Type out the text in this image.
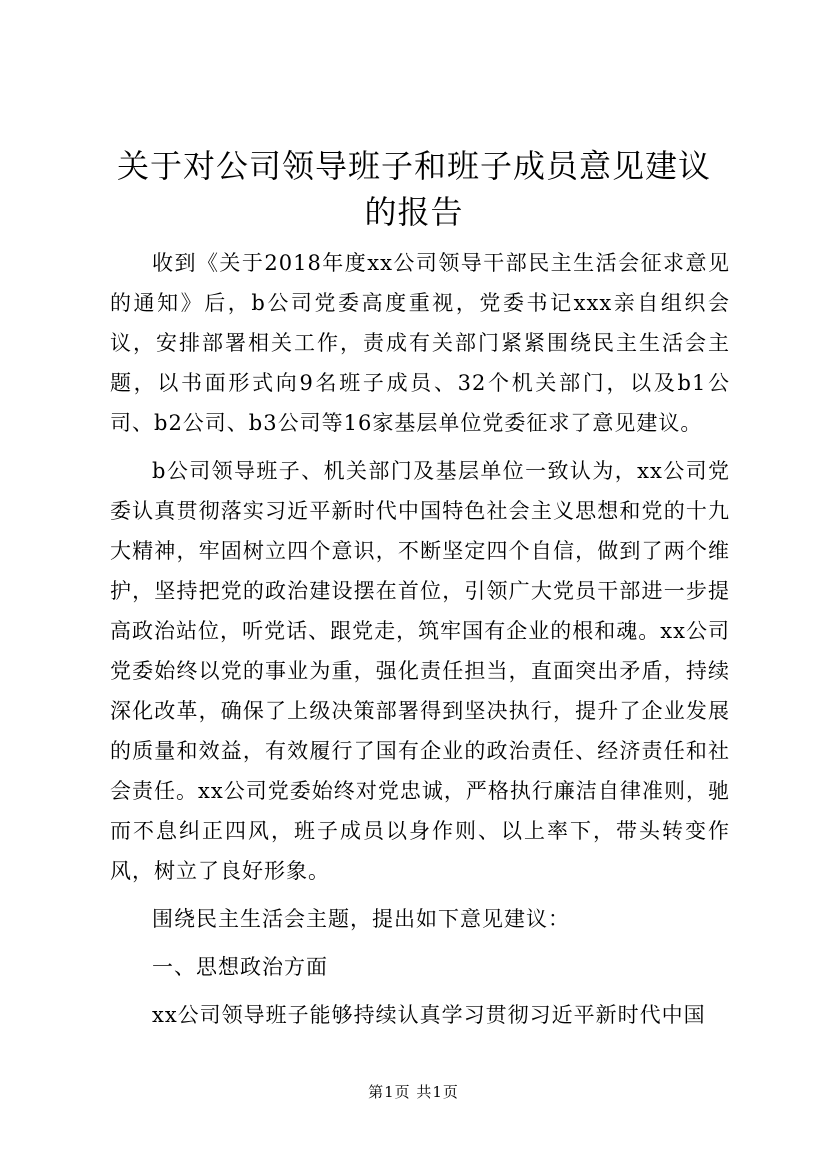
关于对公司领导班子和班子成员意见建议的报告

收到《关于2018年度xx公司领导干部民主生活会征求意见的通知》后，b公司党委高度重视，党委书记xxx亲自组织会议，安排部署相关工作，责成有关部门紧紧围绕民主生活会主题，以书面形式向9名班子成员、32个机关部门，以及b1公司、b2公司、b3公司等16家基层单位党委征求了意见建议。

b公司领导班子、机关部门及基层单位一致认为，xx公司党委认真贯彻落实习近平新时代中国特色社会主义思想和党的十九大精神，牢固树立四个意识，不断坚定四个自信，做到了两个维护，坚持把党的政治建设摆在首位，引领广大党员干部进一步提高政治站位，听党话、跟党走，筑牢国有企业的根和魂。xx公司党委始终以党的事业为重，强化责任担当，直面突出矛盾，持续深化改革，确保了上级决策部署得到坚决执行，提升了企业发展的质量和效益，有效履行了国有企业的政治责任、经济责任和社会责任。xx公司党委始终对党忠诚，严格执行廉洁自律准则，驰而不息纠正四风，班子成员以身作则、以上率下，带头转变作风，树立了良好形象。

围绕民主生活会主题，提出如下意见建议：

一、思想政治方面

xx公司领导班子能够持续认真学习贯彻习近平新时代中国

第1页 共1页
